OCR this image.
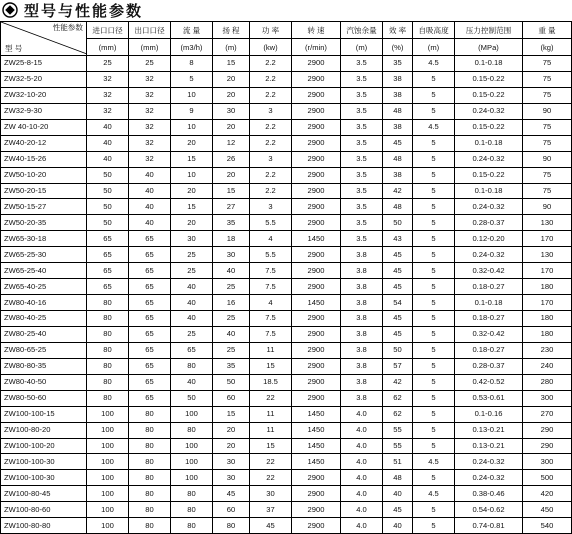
型号与性能参数
性能参数
型 号	进口口径	出口口径	流 量	扬 程	功 率	转 速	汽蚀余量	效 率	自吸高度	压力控制范围	重 量
	(mm)	(mm)	(m3/h)	(m)	(kw)	(r/min)	(m)	(%)	(m)	(MPa)	(kg)
ZW25-8-15	25	25	8	15	2.2	2900	3.5	35	4.5	0.1-0.18	75
ZW32-5-20	32	32	5	20	2.2	2900	3.5	38	5	0.15-0.22	75
ZW32-10-20	32	32	10	20	2.2	2900	3.5	38	5	0.15-0.22	75
ZW32-9-30	32	32	9	30	3	2900	3.5	48	5	0.24-0.32	90
ZW 40-10-20	40	32	10	20	2.2	2900	3.5	38	4.5	0.15-0.22	75
ZW40-20-12	40	32	20	12	2.2	2900	3.5	45	5	0.1-0.18	75
ZW40-15-26	40	32	15	26	3	2900	3.5	48	5	0.24-0.32	90
ZW50-10-20	50	40	10	20	2.2	2900	3.5	38	5	0.15-0.22	75
ZW50-20-15	50	40	20	15	2.2	2900	3.5	42	5	0.1-0.18	75
ZW50-15-27	50	40	15	27	3	2900	3.5	48	5	0.24-0.32	90
ZW50-20-35	50	40	20	35	5.5	2900	3.5	50	5	0.28-0.37	130
ZW65-30-18	65	65	30	18	4	1450	3.5	43	5	0.12-0.20	170
ZW65-25-30	65	65	25	30	5.5	2900	3.8	45	5	0.24-0.32	130
ZW65-25-40	65	65	25	40	7.5	2900	3.8	45	5	0.32-0.42	170
ZW65-40-25	65	65	40	25	7.5	2900	3.8	45	5	0.18-0.27	180
ZW80-40-16	80	65	40	16	4	1450	3.8	54	5	0.1-0.18	170
ZW80-40-25	80	65	40	25	7.5	2900	3.8	45	5	0.18-0.27	180
ZW80-25-40	80	65	25	40	7.5	2900	3.8	45	5	0.32-0.42	180
ZW80-65-25	80	65	65	25	11	2900	3.8	50	5	0.18-0.27	230
ZW80-80-35	80	65	80	35	15	2900	3.8	57	5	0.28-0.37	240
ZW80-40-50	80	65	40	50	18.5	2900	3.8	42	5	0.42-0.52	280
ZW80-50-60	80	65	50	60	22	2900	3.8	62	5	0.53-0.61	300
ZW100-100-15	100	80	100	15	11	1450	4.0	62	5	0.1-0.16	270
ZW100-80-20	100	80	80	20	11	1450	4.0	55	5	0.13-0.21	290
ZW100-100-20	100	80	100	20	15	1450	4.0	55	5	0.13-0.21	290
ZW100-100-30	100	80	100	30	22	1450	4.0	51	4.5	0.24-0.32	300
ZW100-100-30	100	80	100	30	22	2900	4.0	48	5	0.24-0.32	500
ZW100-80-45	100	80	80	45	30	2900	4.0	40	4.5	0.38-0.46	420
ZW100-80-60	100	80	80	60	37	2900	4.0	45	5	0.54-0.62	450
ZW100-80-80	100	80	80	80	45	2900	4.0	40	5	0.74-0.81	540
